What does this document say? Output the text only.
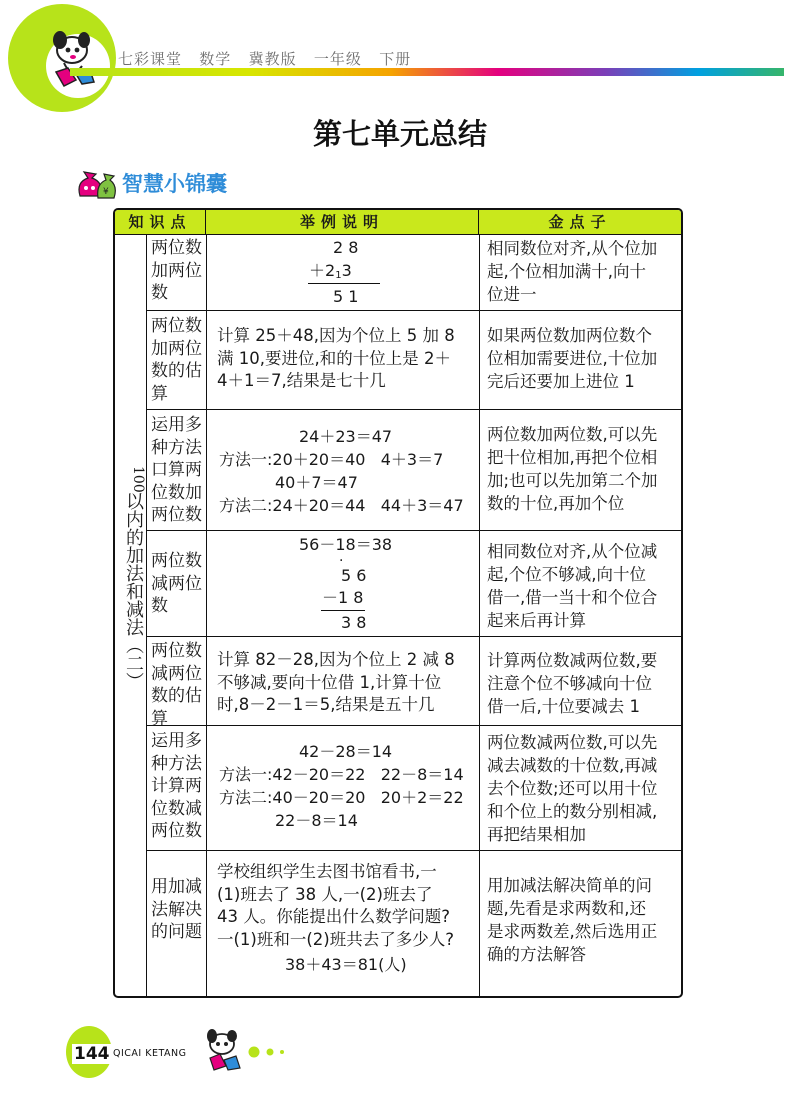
七彩课堂   数学   冀教版   一年级   下册
第七单元总结
¥ 智慧小锦囊
知识点	举例说明	金点子
100
以内的加法和减法（二）
两位数
加两位
数
2 8
＋213
5 1
相同数位对齐,从个位加
起,个位相加满十,向十
位进一
两位数
加两位
数的估
算
计算 25＋48,因为个位上 5 加 8
满 10,要进位,和的十位上是 2＋
4＋1＝7,结果是七十几
如果两位数加两位数个
位相加需要进位,十位加
完后还要加上进位 1
运用多
种方法
口算两
位数加
两位数
24＋23＝47
方法一:20＋20＝40   4＋3＝7
40＋7＝47
方法二:24＋20＝44   44＋3＝47
两位数加两位数,可以先
把十位相加,再把个位相
加;也可以先加第二个加
数的十位,再加个位
两位数
减两位
数
56－18＝38
·
5 6
－1 8
3 8
相同数位对齐,从个位减
起,个位不够减,向十位
借一,借一当十和个位合
起来后再计算
两位数
减两位
数的估
算
计算 82－28,因为个位上 2 减 8
不够减,要向十位借 1,计算十位
时,8－2－1＝5,结果是五十几
计算两位数减两位数,要
注意个位不够减向十位
借一后,十位要减去 1
运用多
种方法
计算两
位数减
两位数
42－28＝14
方法一:42－20＝22   22－8＝14
方法二:40－20＝20   20＋2＝22
22－8＝14
两位数减两位数,可以先
减去减数的十位数,再减
去个位数;还可以用十位
和个位上的数分别相减,
再把结果相加
用加减
法解决
的问题
学校组织学生去图书馆看书,一
(1)班去了 38 人,一(2)班去了
43 人。你能提出什么数学问题?
一(1)班和一(2)班共去了多少人?
38＋43＝81(人)
用加减法解决简单的问
题,先看是求两数和,还
是求两数差,然后选用正
确的方法解答
144 QICAI KETANG
